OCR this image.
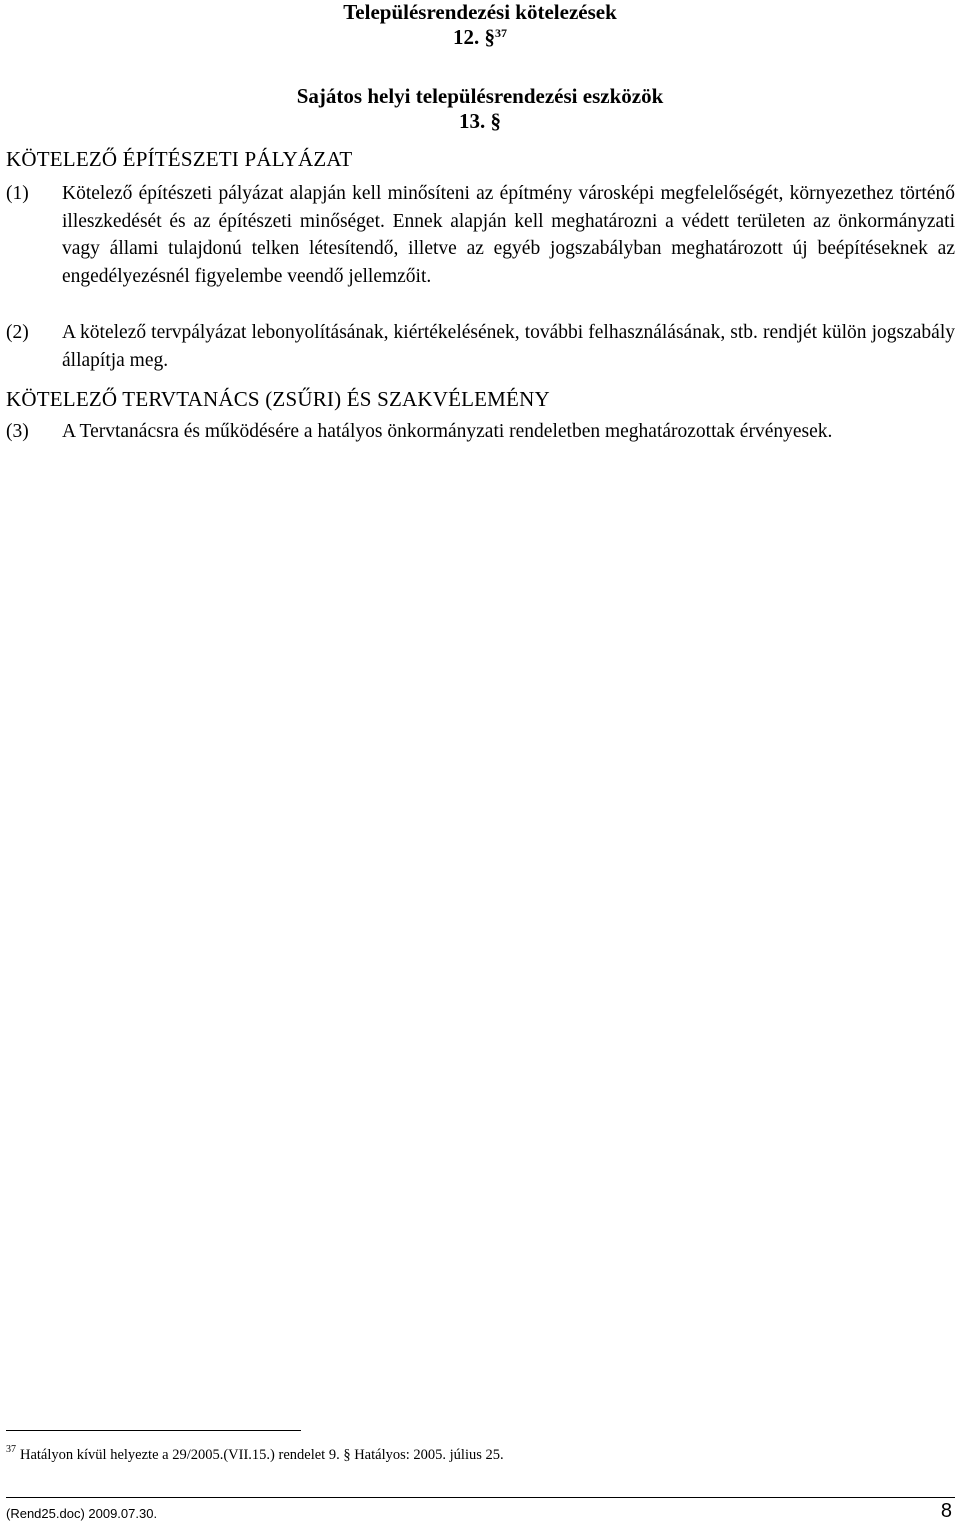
Településrendezési kötelezések
12. §$^{37}$
Sajátos helyi településrendezési eszközök
13. §
KÖTELEZŐ ÉPÍTÉSZETI PÁLYÁZAT
(1) Kötelező építészeti pályázat alapján kell minősíteni az építmény városképi megfelelőségét, környezethez történő illeszkedését és az építészeti minőséget. Ennek alapján kell meghatározni a védett területen az önkormányzati vagy állami tulajdonú telken létesítendő, illetve az egyéb jogszabályban meghatározott új beépítéseknek az engedélyezésnél figyelembe veendő jellemzőit.
(2) A kötelező tervpályázat lebonyolításának, kiértékelésének, további felhasználásának, stb. rendjét külön jogszabály állapítja meg.
KÖTELEZŐ TERVTANÁCS (ZSŰRI) ÉS SZAKVÉLEMÉNY
(3) A Tervtanácsra és működésére a hatályos önkormányzati rendeletben meghatározottak érvényesek.
$^{37}$ Hatályon kívül helyezte a 29/2005.(VII.15.) rendelet 9. § Hatályos: 2005. július 25.
(Rend25.doc) 2009.07.30.	8
